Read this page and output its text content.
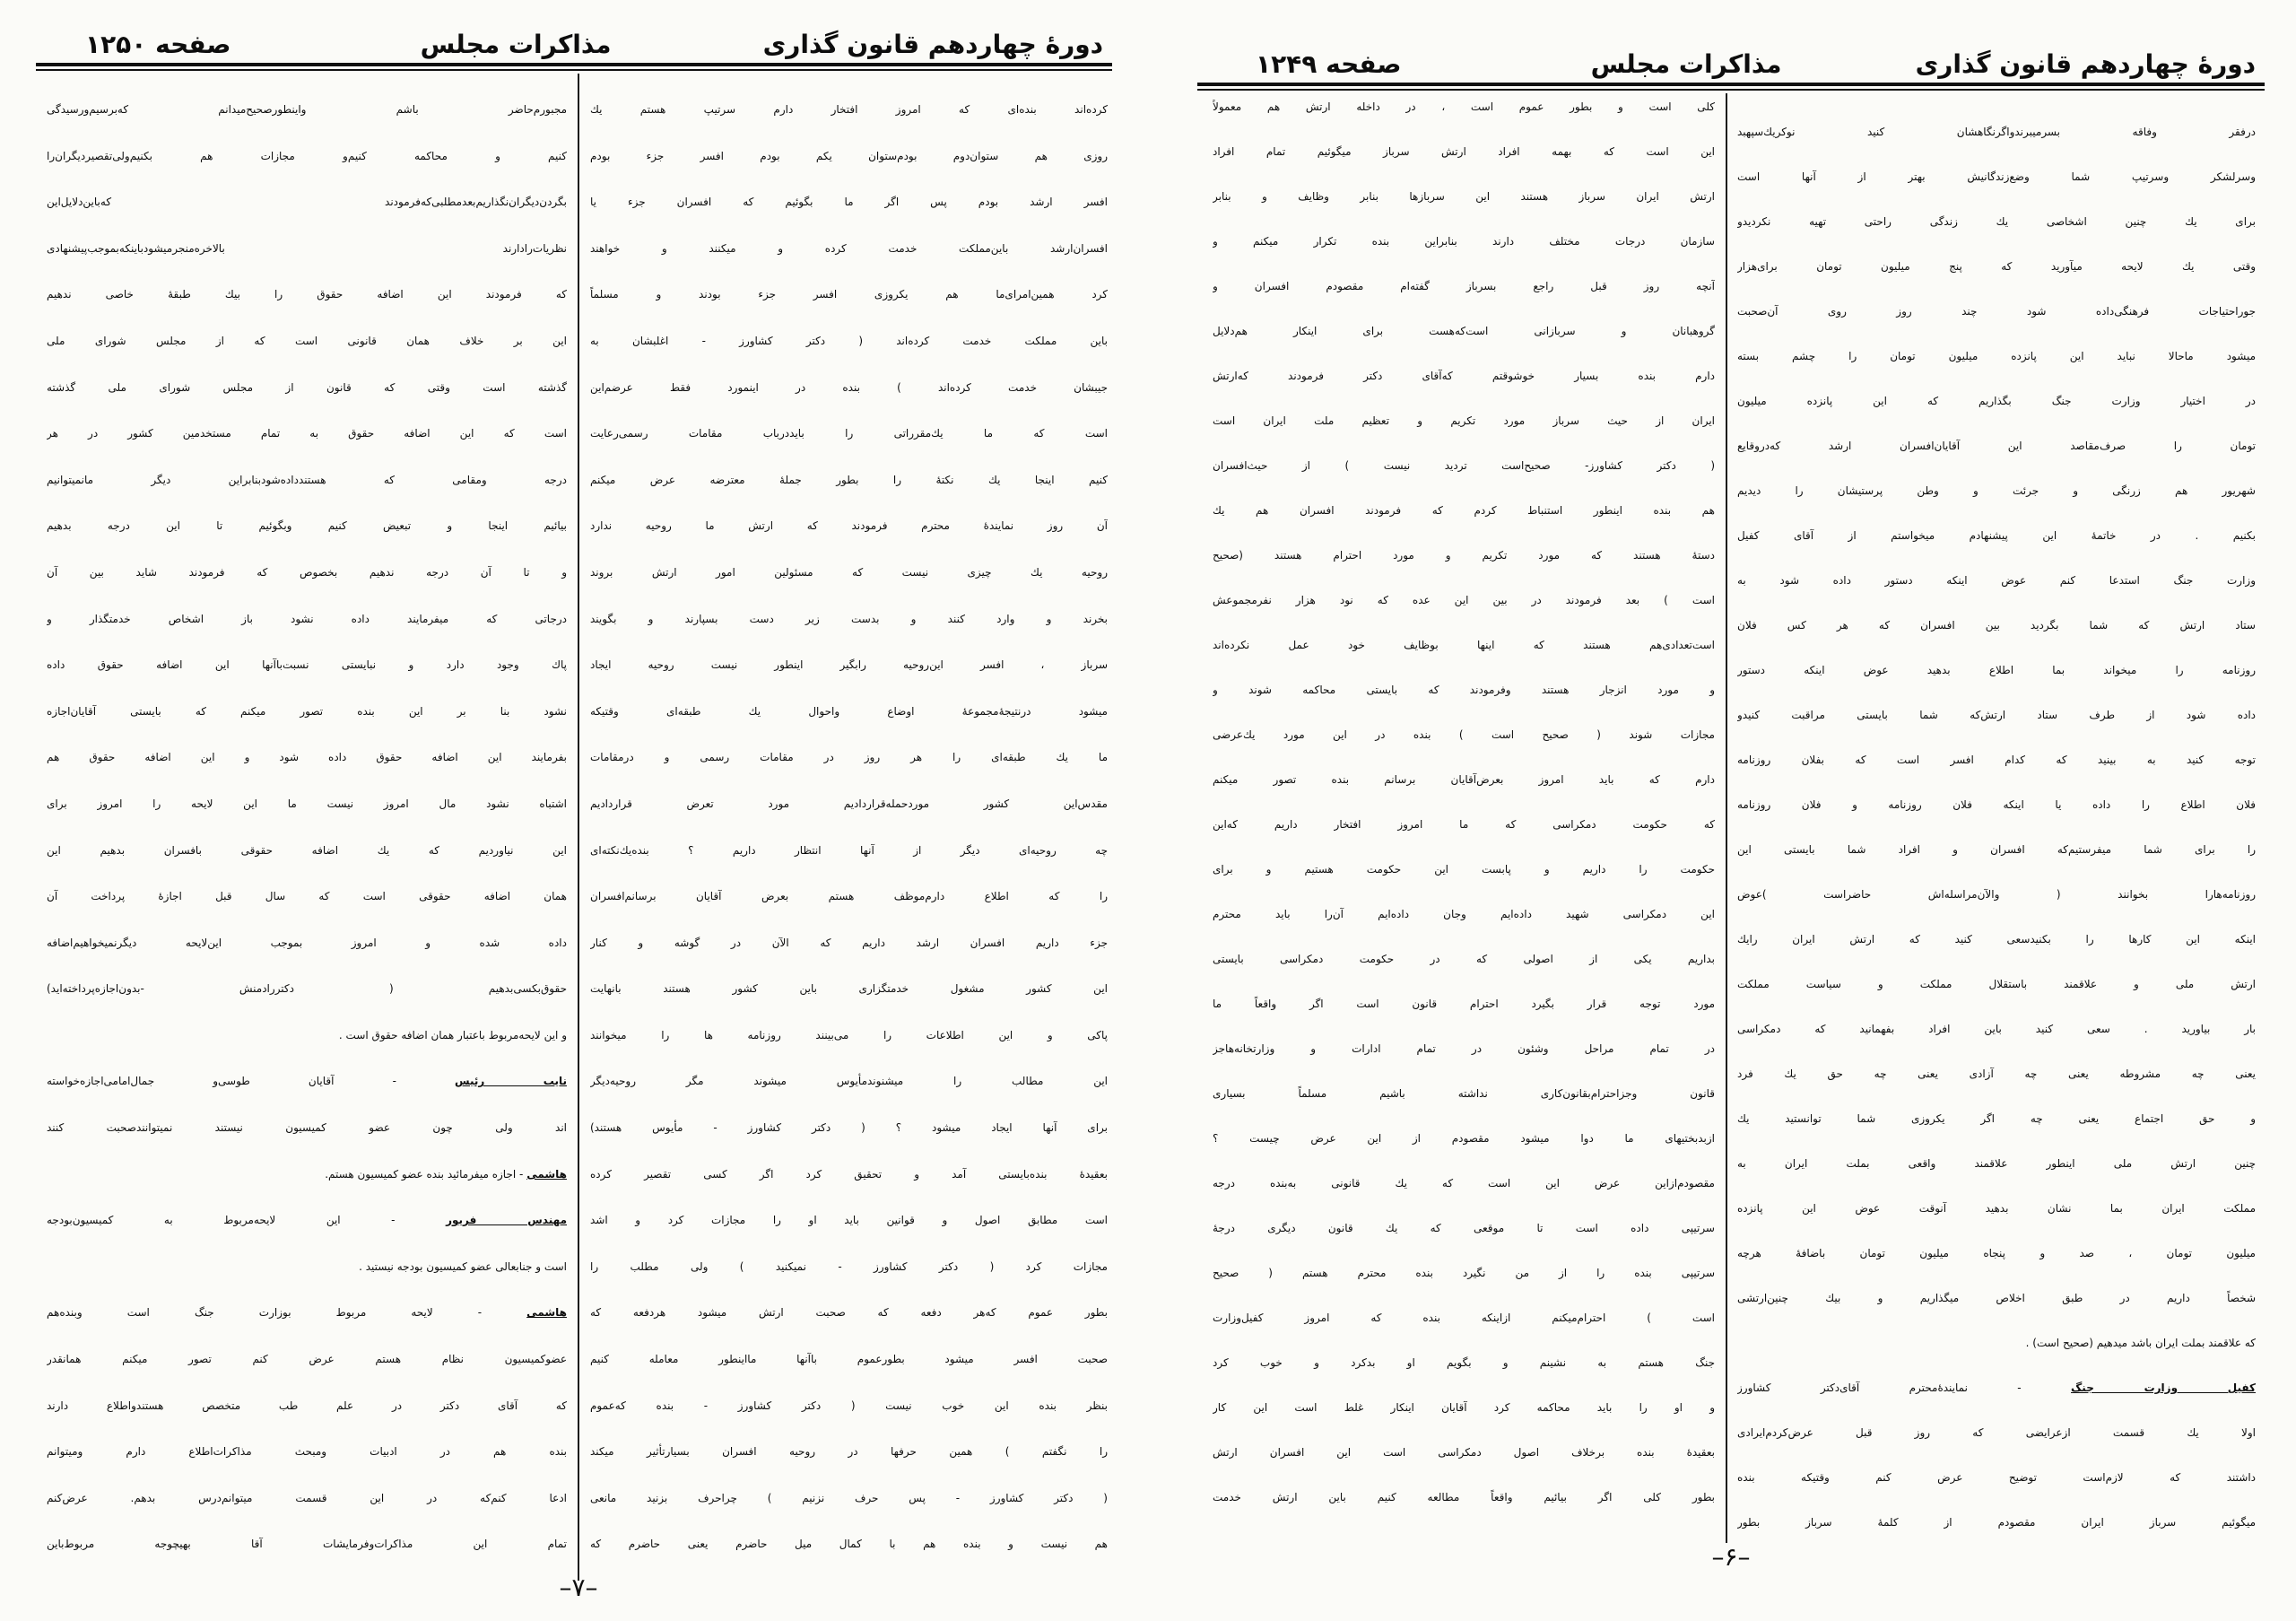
صفحه ۱۲۵۰	مذاکرات مجلس	دورهٔ چهاردهم قانون گذاری
کرده‌اند بنده‌ای که امروز افتخار دارم سرتیپ هستم یك
روزی هم ستوان‌دوم بودم‌ستوان یکم بودم افسر جزء بودم
افسر ارشد بودم پس اگر ما بگوئیم که افسران جزء یا
افسران‌ارشد باین‌مملکت خدمت کرده و میکنند و خواهند
کرد همین‌امرای‌ما هم یکروزی افسر جزء بودند و مسلماً
باین مملکت خدمت کرده‌اند ( دکتر کشاورز - اغلبشان به
جیبشان خدمت کرده‌اند ) بنده در اینمورد فقط عرضم‌این
است که ما یك‌مقرراتی را بایددرباب مقامات رسمی‌رعایت
کنیم اینجا یك نکتهٔ را بطور جملهٔ معترضه عرض میکنم
آن روز نمایندهٔ محترم فرمودند که ارتش ما روحیه ندارد
روحیه یك چیزی نیست که مسئولین امور ارتش بروند
بخرند و وارد کنند و بدست زیر دست بسپارند و بگویند
سرباز ، افسر این‌روحیه رابگیر اینطور نیست روحیه ایجاد
میشود درنتیجهٔ‌مجموعهٔ اوضاع واحوال یك طبقه‌ای وقتیکه
ما یك طبقه‌ای را هر روز در مقامات رسمی و درمقامات
مقدس‌این کشور موردحمله‌قراردادیم مورد تعرض قراردادیم
چه روحیه‌ای دیگر از آنها انتظار داریم ؟ بنده‌یك‌نکته‌ای
را که اطلاع دارم‌موظف هستم بعرض آقایان برسانم‌افسران
جزء داریم افسران ارشد داریم که الآن در گوشه و کنار
این کشور مشغول خدمتگزاری باین کشور هستند بانهایت
پاکی و این اطلاعات را می‌بینند روزنامه ها را میخوانند
این مطالب را میشنوندمأیوس میشوند مگر روحیه‌دیگر
برای آنها ایجاد میشود ؟ ( دکتر کشاورز - مأیوس هستند)
بعقیدهٔ بنده‌بایستی آمد و تحقیق کرد اگر کسی تقصیر کرده
است مطابق اصول و قوانین باید او را مجازات کرد و اشد
مجازات کرد ( دکتر کشاورز - نمیکنید ) ولی مطلب را
بطور عموم که‌هر دفعه که صحبت ارتش میشود هردفعه که
صحبت افسر میشود بطورعموم باآنها مااینطور معامله کنیم
بنظر بنده این خوب نیست ( دکتر کشاورز - بنده که‌عموم
را نگفتم ) همین حرفها در روحیه افسران بسیارتأثیر میکند
( دکتر کشاورز - پس حرف نزنیم ) چراحرف بزنید مانعی
هم نیست و بنده هم با کمال میل حاضرم یعنی حاضرم که
مجبورم‌حاضر باشم واینطورصحیح‌میدانم که‌برسیم‌ورسیدگی
کنیم و محاکمه کنیم‌و مجازات هم بکنیم‌ولی‌تقصیر‌دیگران‌را
بگردن‌دیگران‌نگذاریم‌بعدمطلبی‌که‌فرمودند که‌باین‌دلایل‌این
نظریات‌را‌دارند بالاخره‌منجر‌میشودباینکه‌بموجب‌پیشنهادی
که فرمودند این اضافه حقوق را بیك طبقهٔ خاصی ندهیم
این بر خلاف همان قانونی است که از مجلس شورای ملی
گذشته است وقتی که قانون از مجلس شورای ملی گذشته
است که این اضافه حقوق به تمام مستخدمین کشور در هر
درجه ومقامی که هستندداده‌شودبنابراین دیگر ما‌نمیتوانیم
بیائیم اینجا و تبعیض کنیم وبگوئیم تا این درجه بدهیم
و تا آن درجه ندهیم بخصوص که فرمودند شاید بین آن
درجاتی که میفرمایند داده نشود باز اشخاص خدمتگذار و
پاك وجود دارد و نبایستی نسبت‌با‌آنها این اضافه حقوق داده
نشود بنا بر این بنده تصور میکنم که بایستی آقایان‌اجازه
بفرمایند این اضافه حقوق داده شود و این اضافه حقوق هم
اشتباه نشود مال امروز نیست ما این لایحه را امروز برای
این نیاوردیم که یك اضافه حقوقی بافسران بدهیم این
همان اضافه حقوقی است که سال قبل اجازهٔ پرداخت آن
داده شده و امروز بموجب این‌لایحه دیگر‌نمیخواهیم‌اضافه
حقوق‌بکسی‌بدهیم ( دکتررادمنش -بدون‌اجازه‌پرداخته‌اید)
و این لایحه‌مربوط باعتبار همان اضافه حقوق است .
نایب رئیس - آقایان طوسی‌و جمال‌امامی‌اجازه‌خواسته
اند ولی چون عضو کمیسیون نیستند نمیتوانندصحبت کنند
هاشمی - اجازه میفرمائید بنده عضو کمیسیون هستم.
مهندس فریور - این لایحه‌مربوط به کمیسیون‌بودجه
است و جنابعالی عضو کمیسیون بودجه نیستید .
هاشمی - لایحه مربوط بوزارت جنگ است وبنده‌هم
عضوکمیسیون نظام هستم عرض کنم تصور میکنم همانقدر
که آقای دکتر در علم طب متخصص هستندواطلاع دارند
بنده هم در ادبیات ومبحث مذاکرات‌اطلاع دارم ومیتوانم
ادعا کنم‌که در این قسمت میتوانم‌درس بدهم. عرض‌کنم
تمام این مذاکرات‌وفرمایشات آقا بهیچوجه مربوط‌باین
–۷–
صفحه ۱۲۴۹	مذاکرات مجلس	دورهٔ چهاردهم قانون گذاری
درفقر وفاقه بسرمیبرند‌واگر‌نگاهشان کنید نوکر‌یك‌سپهبد
وسرلشکر وسرتیپ شما وضع‌زندگانیش بهتر از آنها است
برای یك چنین اشخاصی یك زندگی راحتی تهیه نکردید‌و
وقتی یك لایحه میآورید که پنج میلیون تومان برای‌هزار
جوراحتیاجات فرهنگی‌داده شود چند روز روی آن‌صحبت
میشود ماحالا نباید این پانزده میلیون تومان را چشم بسته
در اختیار وزارت جنگ بگذاریم که این پانزده میلیون
تومان را صرف‌مقاصد این آقایان‌افسران ارشد که‌دروقایع
شهریور هم زرنگی و جرئت و وطن پرستیشان را دیدیم
بکنیم . در خاتمهٔ این پیشنهادم میخواستم از آقای کفیل
وزارت جنگ استدعا کنم عوض اینکه دستور داده شود به
ستاد ارتش که شما بگردید بین افسران که هر کس فلان
روزنامه را میخواند بما اطلاع بدهید عوض اینکه دستور
داده شود از طرف ستاد ارتش‌که شما بایستی مراقبت کنید‌و
توجه کنید به بینید که کدام افسر است که بفلان روزنامه
فلان اطلاع را داده یا اینکه فلان روزنامه و فلان روزنامه
را برای شما میفرستیم‌که افسران و افراد شما بایستی این
روزنامه‌ها‌را بخوانند ( والآن‌مراسله‌اش حاضراست )عوض
اینکه این کارها را بکنید‌سعی کنید که ارتش ایران را‌یك
ارتش ملی و علاقمند باستقلال مملکت و سیاست مملکت
بار بیاورید . سعی کنید باین افراد بفهمانید که دمکراسی
یعنی چه مشروطه یعنی چه آزادی یعنی چه حق یك فرد
و حق اجتماع یعنی چه اگر یکروزی شما توانستید یك
چنین ارتش ملی اینطور علاقمند واقعی بملت ایران به
مملکت ایران بما نشان بدهید آنوقت عوض این پانزده
میلیون تومان ، صد و پنجاه میلیون تومان باضافهٔ هرچه
شخصاً داریم در طبق اخلاص میگذاریم و بیك چنین‌ارتشی
که علاقمند بملت ایران باشد میدهیم (صحیح است) .
کفیل وزارت جنگ - نمایندهٔ‌محترم آقای‌دکتر کشاورز
اولا یك قسمت ازعرایضی که روز قبل عرض‌کردم‌ایرادی
داشتند که لازم‌است توضیح عرض کنم وقتیکه بنده
میگوئیم سرباز ایران مقصودم از کلمهٔ سرباز بطور
کلی است و بطور عموم است ، در داخله ارتش هم معمولاً
این است که بهمه افراد ارتش سرباز میگوئیم تمام افراد
ارتش ایران سرباز هستند این سربازها بنابر وظایف و بنابر
سازمان درجات مختلف دارند بنابراین بنده تکرار میکنم و
آنچه روز قبل راجع بسرباز گفته‌ام مقصودم افسران و
گروهبانان و سربازانی است‌که‌هست برای اینکار هم‌دلایل
دارم بنده بسیار خوشوقتم که‌آقای دکتر فرمودند که‌ارتش
ایران از حیث سرباز مورد تکریم و تعظیم ملت ایران است
( دکتر کشاورز- صحیح‌است تردید نیست ) از حیث‌افسران
هم بنده اینطور استنباط کردم که فرمودند افسران هم یك
دستهٔ هستند که مورد تکریم و مورد احترام هستند (صحیح
است ) بعد فرمودند در بین این عده که نود هزار نفر‌مجموعش
است‌تعدادی‌هم هستند که اینها بوظایف خود عمل نکرده‌اند
و مورد انزجار هستند وفرمودند که بایستی محاکمه شوند و
مجازات شوند ( صحیح است ) بنده در این مورد یك‌عرضی
دارم که باید امروز بعرض‌آقایان برسانم بنده تصور میکنم
که حکومت دمکراسی که ما امروز افتخار داریم که‌این
حکومت را داریم و پابست این حکومت هستیم و برای
این دمکراسی شهید داده‌ایم وجان داده‌ایم آن‌را باید محترم
بداریم یکی از اصولی که در حکومت دمکراسی بایستی
مورد توجه قرار بگیرد احترام قانون است اگر واقعاً ما
در تمام مراحل وشئون در تمام ادارات و وزارتخانه‌ها‌جز
قانون وجز‌احترام‌بقانون‌کاری نداشته باشیم مسلماً بسیاری
ازبدبختیهای ما دوا میشود مقصودم از این عرض چیست ؟
مقصودم‌ازاین عرض این است که یك قانونی به‌بنده درجه
سرتیپی داده است تا موقعی که یك قانون دیگری درجهٔ
سرتیپی بنده را از من نگیرد بنده محترم هستم ( صحیح
است ) احترام‌میکنم ازاینکه بنده که امروز کفیل‌وزارت
جنگ هستم به نشینم و بگویم او بدکرد و خوب کرد
و او را باید محاکمه کرد آقایان اینکار غلط است این کار
بعقیدهٔ بنده برخلاف اصول دمکراسی است این افسران ارتش
بطور کلی اگر بیائیم واقعاً مطالعه کنیم باین ارتش خدمت
–۶–
